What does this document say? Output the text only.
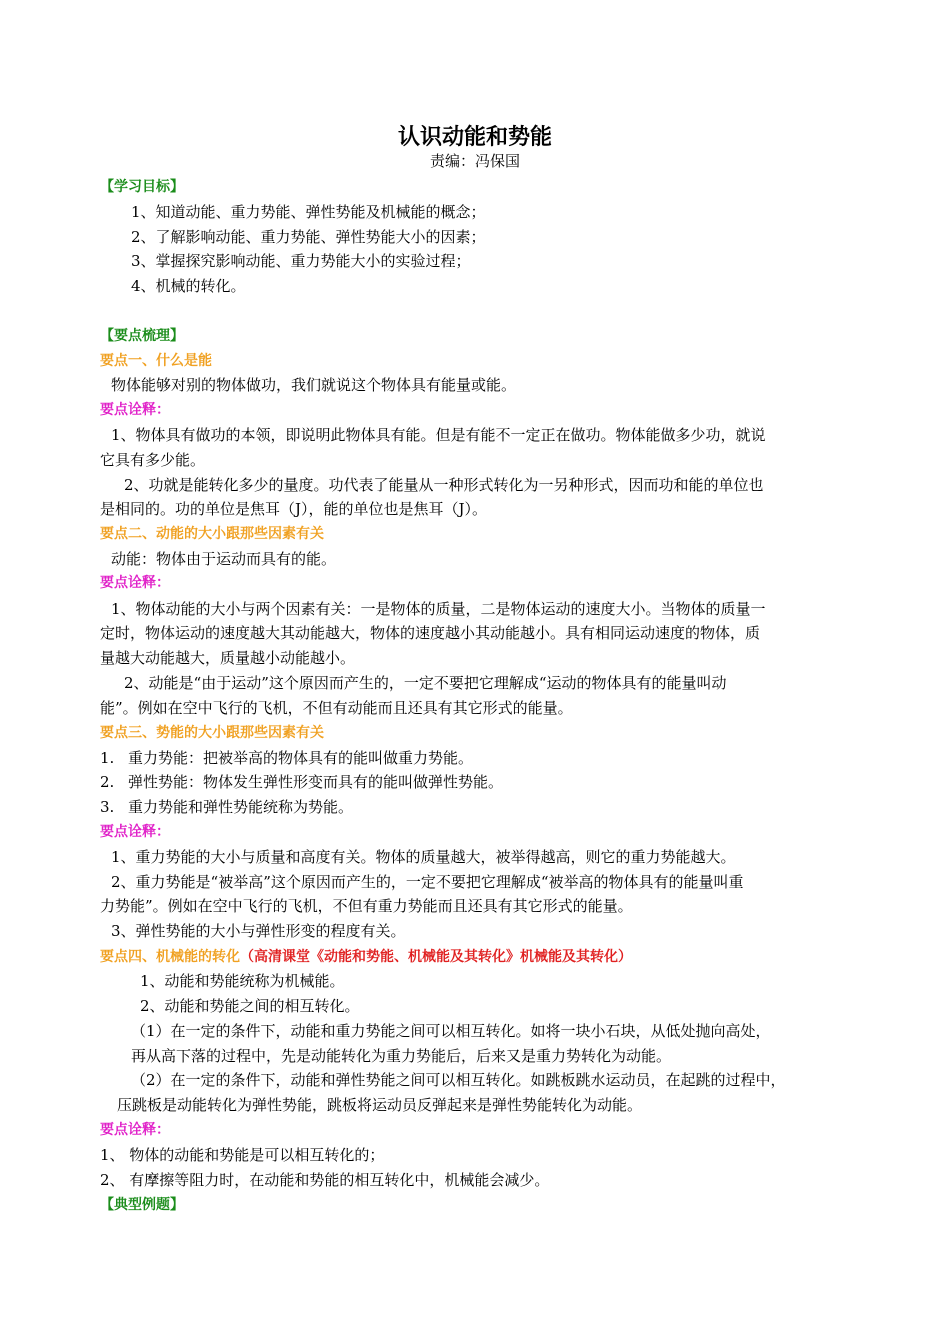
认识动能和势能
责编：冯保国
【学习目标】
1、知道动能、重力势能、弹性势能及机械能的概念；
2、了解影响动能、重力势能、弹性势能大小的因素；
3、掌握探究影响动能、重力势能大小的实验过程；
4、机械的转化。
【要点梳理】
要点一、什么是能
物体能够对别的物体做功，我们就说这个物体具有能量或能。
要点诠释：
1、物体具有做功的本领，即说明此物体具有能。但是有能不一定正在做功。物体能做多少功，就说
它具有多少能。
2、功就是能转化多少的量度。功代表了能量从一种形式转化为一另种形式，因而功和能的单位也
是相同的。功的单位是焦耳（J），能的单位也是焦耳（J）。
要点二、动能的大小跟那些因素有关
动能：物体由于运动而具有的能。
要点诠释：
1、物体动能的大小与两个因素有关：一是物体的质量，二是物体运动的速度大小。当物体的质量一
定时，物体运动的速度越大其动能越大，物体的速度越小其动能越小。具有相同运动速度的物体，质
量越大动能越大，质量越小动能越小。
2、动能是“由于运动”这个原因而产生的，一定不要把它理解成“运动的物体具有的能量叫动
能”。例如在空中飞行的飞机，不但有动能而且还具有其它形式的能量。
要点三、势能的大小跟那些因素有关
1. 重力势能：把被举高的物体具有的能叫做重力势能。
2. 弹性势能：物体发生弹性形变而具有的能叫做弹性势能。
3. 重力势能和弹性势能统称为势能。
要点诠释：
1、重力势能的大小与质量和高度有关。物体的质量越大，被举得越高，则它的重力势能越大。
2、重力势能是“被举高”这个原因而产生的，一定不要把它理解成“被举高的物体具有的能量叫重
力势能”。例如在空中飞行的飞机，不但有重力势能而且还具有其它形式的能量。
3、弹性势能的大小与弹性形变的程度有关。
要点四、机械能的转化（高清课堂《动能和势能、机械能及其转化》机械能及其转化）
1、动能和势能统称为机械能。
2、动能和势能之间的相互转化。
（1）在一定的条件下，动能和重力势能之间可以相互转化。如将一块小石块，从低处抛向高处，
再从高下落的过程中，先是动能转化为重力势能后，后来又是重力势转化为动能。
（2）在一定的条件下，动能和弹性势能之间可以相互转化。如跳板跳水运动员，在起跳的过程中，
压跳板是动能转化为弹性势能，跳板将运动员反弹起来是弹性势能转化为动能。
要点诠释：
1、 物体的动能和势能是可以相互转化的；
2、 有摩擦等阻力时，在动能和势能的相互转化中，机械能会减少。
【典型例题】
